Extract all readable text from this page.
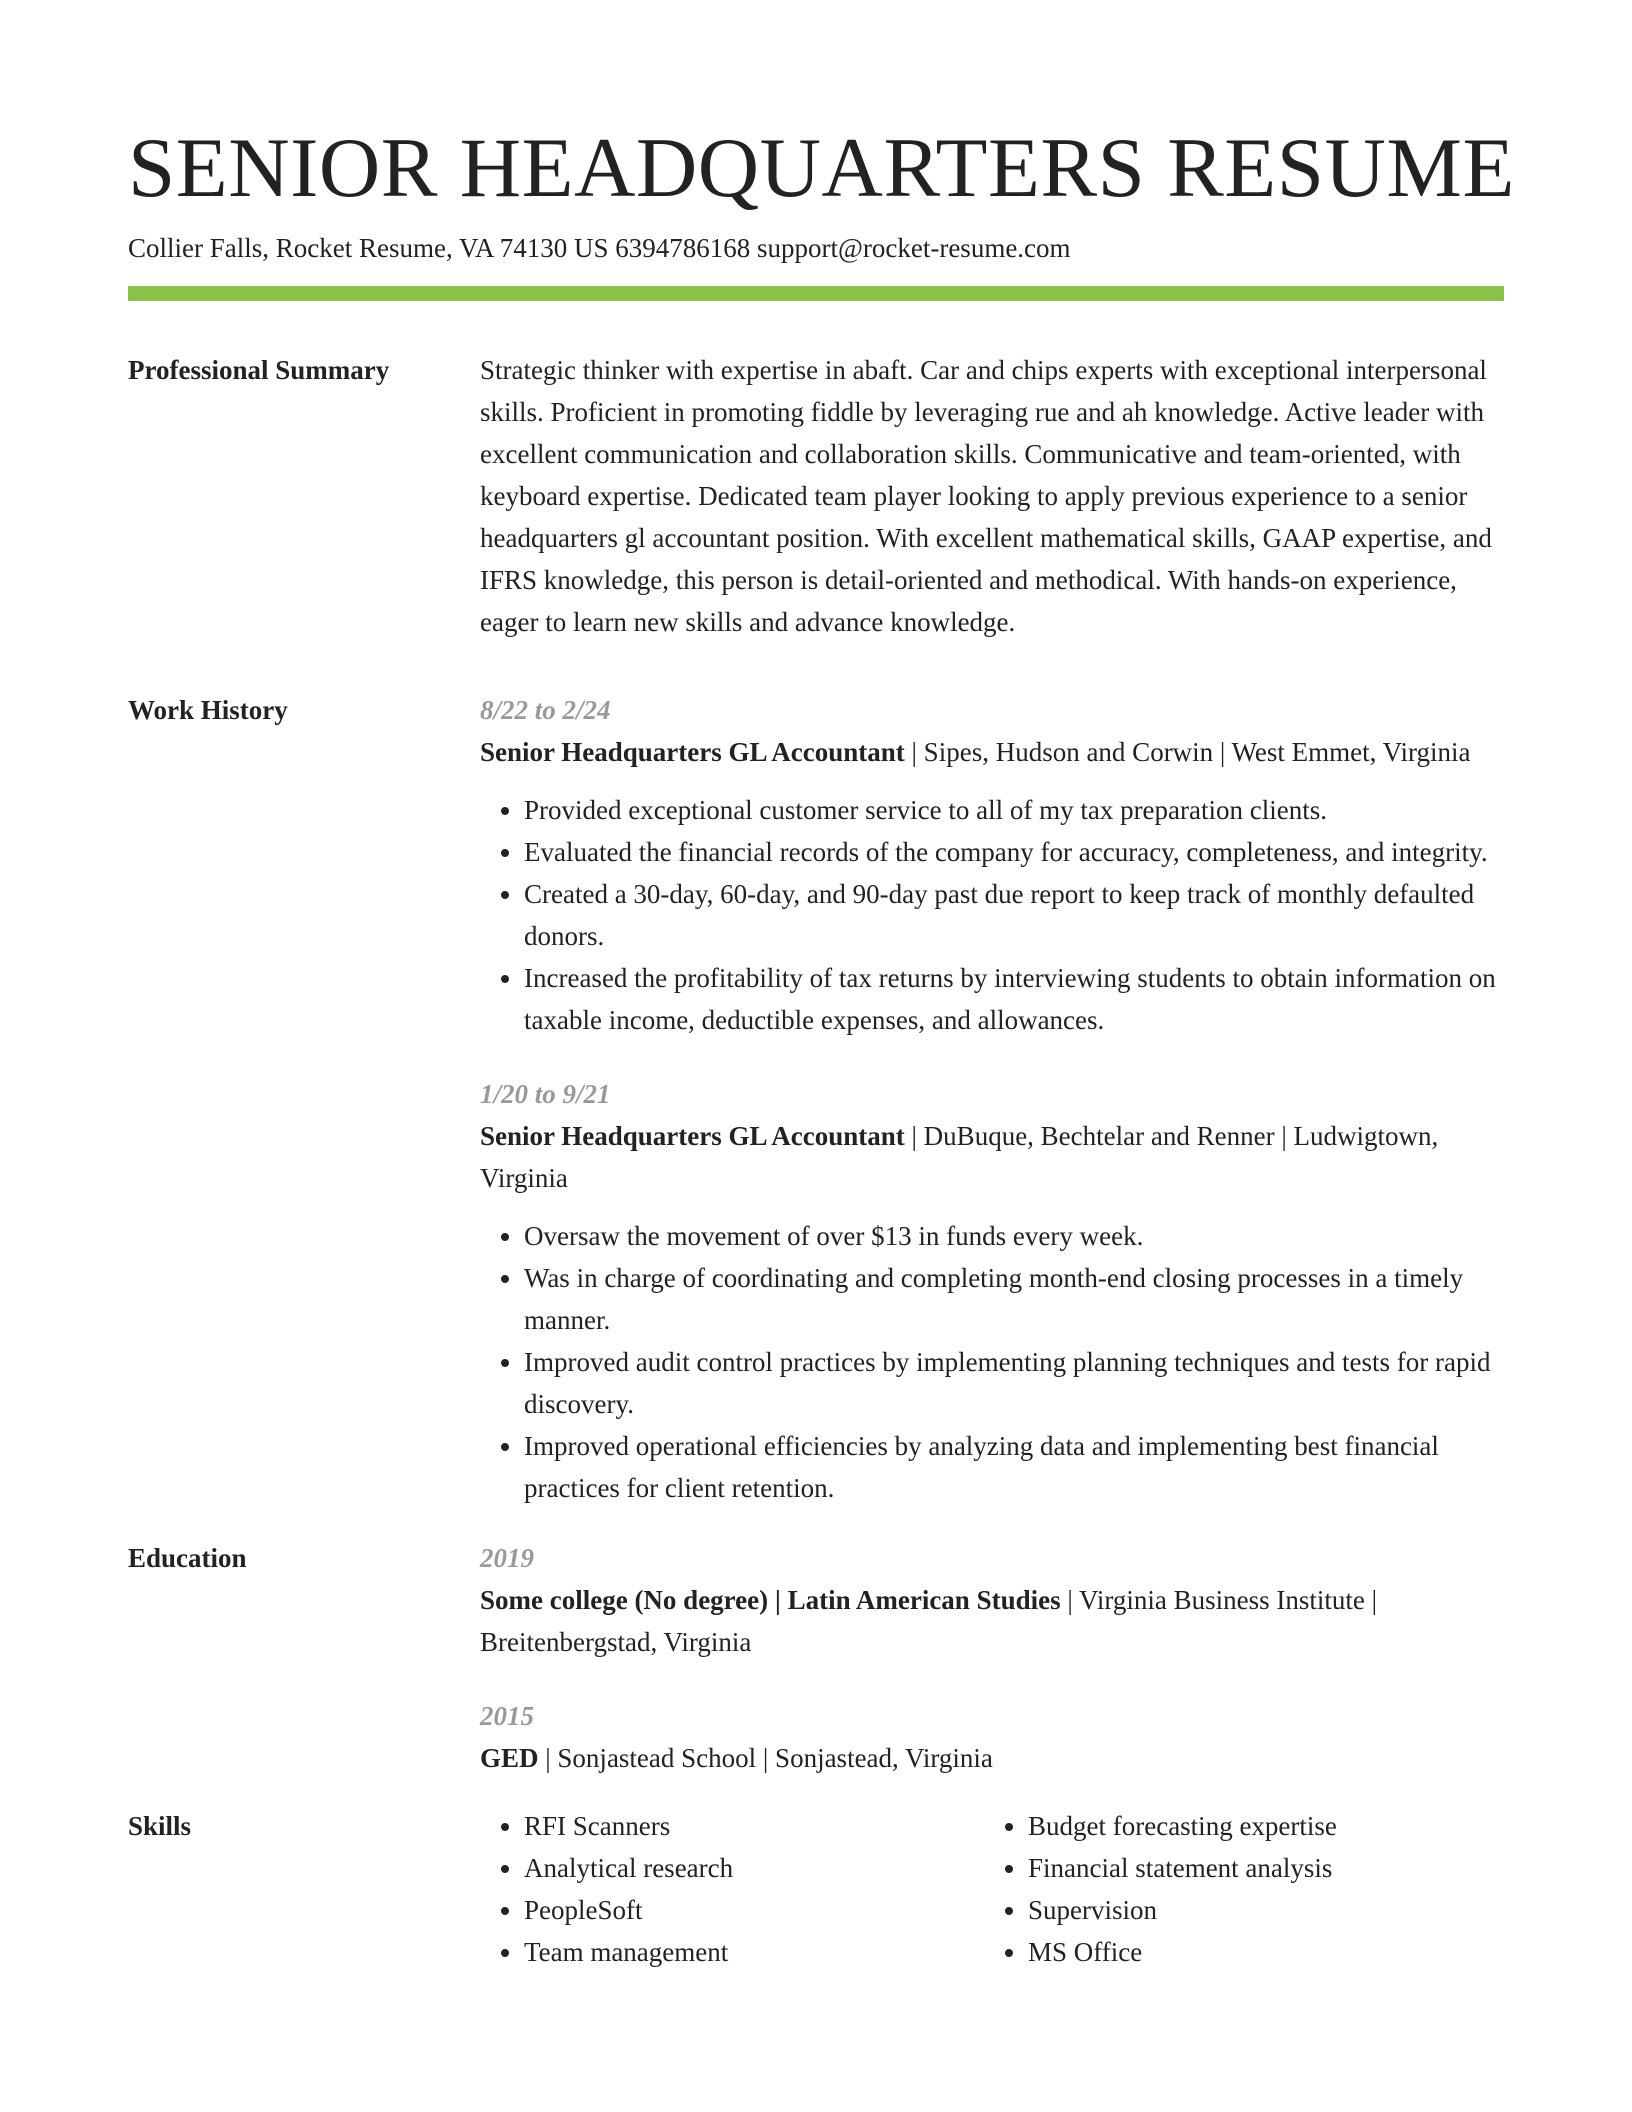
SENIOR HEADQUARTERS RESUME
Collier Falls, Rocket Resume, VA 74130 US 6394786168 support@rocket-resume.com
Professional Summary	Strategic thinker with expertise in abaft. Car and chips experts with exceptional interpersonal skills. Proficient in promoting fiddle by leveraging rue and ah knowledge. Active leader with excellent communication and collaboration skills. Communicative and team-oriented, with keyboard expertise. Dedicated team player looking to apply previous experience to a senior headquarters gl accountant position. With excellent mathematical skills, GAAP expertise, and IFRS knowledge, this person is detail-oriented and methodical. With hands-on experience, eager to learn new skills and advance knowledge.

Work History	8/22 to 2/24

Senior Headquarters GL Accountant | Sipes, Hudson and Corwin | West Emmet, Virginia

• Provided exceptional customer service to all of my tax preparation clients.
• Evaluated the financial records of the company for accuracy, completeness, and integrity.
• Created a 30-day, 60-day, and 90-day past due report to keep track of monthly defaulted donors.
• Increased the profitability of tax returns by interviewing students to obtain information on taxable income, deductible expenses, and allowances.
1/20 to 9/21

Senior Headquarters GL Accountant | DuBuque, Bechtelar and Renner | Ludwigtown, Virginia

• Oversaw the movement of over $13 in funds every week.
• Was in charge of coordinating and completing month-end closing processes in a timely manner.
• Improved audit control practices by implementing planning techniques and tests for rapid discovery.
• Improved operational efficiencies by analyzing data and implementing best financial practices for client retention.
Education	2019

Some college (No degree) | Latin American Studies | Virginia Business Institute | Breitenbergstad, Virginia

2015

GED | Sonjastead School | Sonjastead, Virginia

Skills
•	RFI Scanners
• Analytical research
• PeopleSoft
• Team management
• Budget forecasting expertise
• Financial statement analysis
• Supervision
• MS Office
